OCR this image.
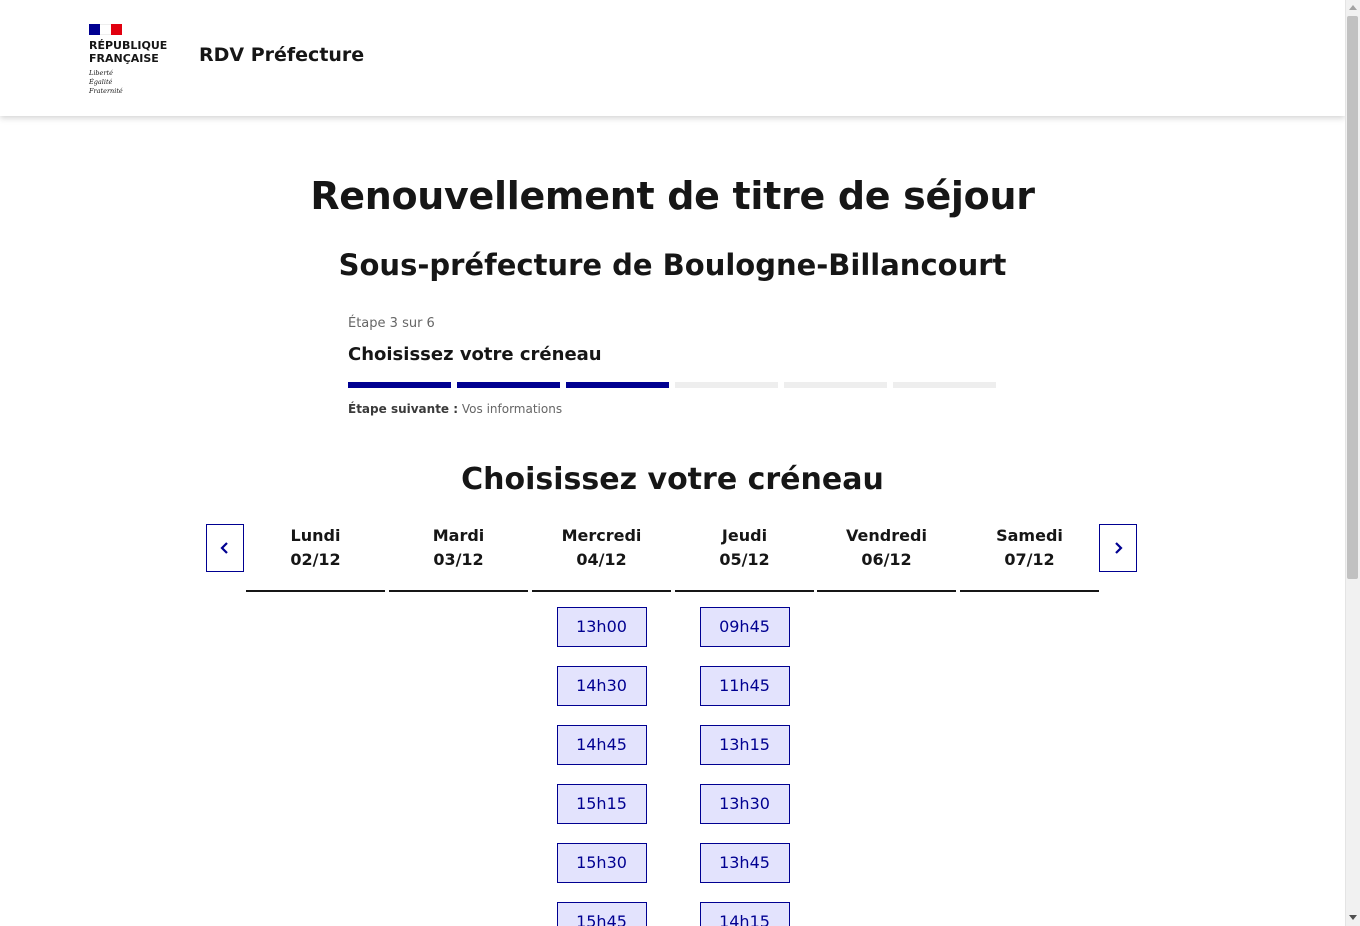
RÉPUBLIQUE
FRANÇAISE
Liberté
Égalité
Fraternité
RDV Préfecture
Renouvellement de titre de séjour
Sous-préfecture de Boulogne-Billancourt
Étape 3 sur 6
Choisissez votre créneau
Étape suivante : Vos informations
Choisissez votre créneau
Lundi
02/12
Mardi
03/12
Mercredi
04/12
13h00
14h30
14h45
15h15
15h30
15h45
Jeudi
05/12
09h45
11h45
13h15
13h30
13h45
14h15
Vendredi
06/12
Samedi
07/12
